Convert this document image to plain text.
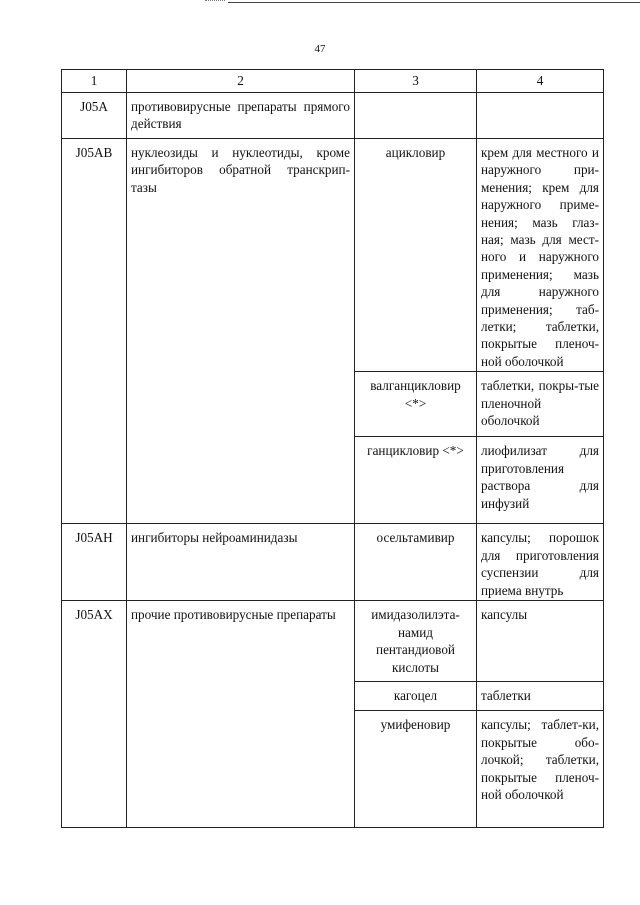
47
1	2	3	4
J05A	противовирусные препараты прямого действия		
J05AB	нуклеозиды и нуклеотиды, кроме ингибиторов обратной транскрип-тазы	ацикловир	крем для местного и наружного при-менения; крем для наружного приме-нения; мазь глаз-ная; мазь для мест-ного и наружного применения; мазь для наружного применения; таб-летки; таблетки, покрытые пленоч-ной оболочкой
		валганцикловир <*>	таблетки, покры-тые пленочной оболочкой
		ганцикловир <*>	лиофилизат для приготовления раствора для инфузий
J05AH	ингибиторы нейроаминидазы	осельтамивир	капсулы; порошок для приготовления суспензии для приема внутрь
J05AX	прочие противовирусные препараты	имидазолилэта-намид пентандиовой кислоты	капсулы
		кагоцел	таблетки
		умифеновир	капсулы; таблет-ки, покрытые обо-лочкой; таблетки, покрытые пленоч-ной оболочкой
